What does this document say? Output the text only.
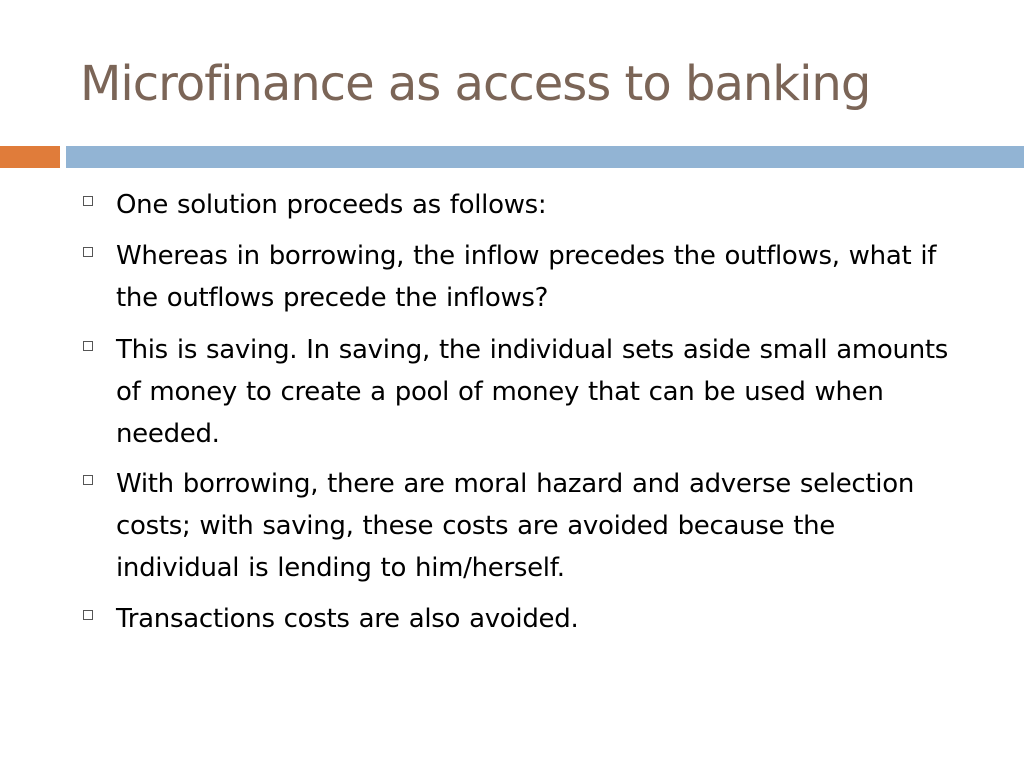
Microfinance as access to banking
One solution proceeds as follows:
Whereas in borrowing, the inflow precedes the outflows, what if the outflows precede the inflows?
This is saving. In saving, the individual sets aside small amounts of money to create a pool of money that can be used when needed.
With borrowing, there are moral hazard and adverse selection costs; with saving, these costs are avoided because the individual is lending to him/herself.
Transactions costs are also avoided.
